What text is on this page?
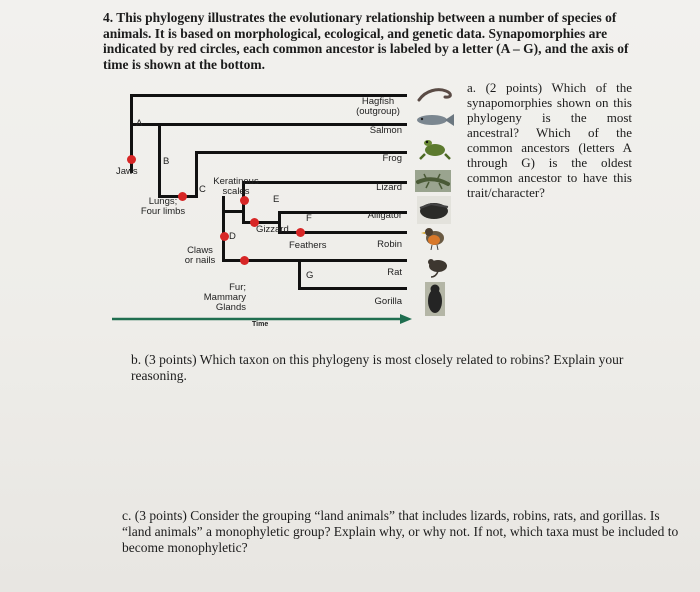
4. This phylogeny illustrates the evolutionary relationship between a number of species of animals. It is based on morphological, ecological, and genetic data. Synapomorphies are indicated by red circles, each common ancestor is labeled by a letter (A – G), and the axis of time is shown at the bottom.
A
B
C
D
E
F
G
Jaws
Lungs;
Four limbs
Keratinous
scales
Gizzard
Feathers
Claws
or nails
Fur;
Mammary
Glands
Hagfish
(outgroup)
Salmon
Frog
Lizard
Alligator
Robin
Rat
Gorilla
Time
a. (2 points) Which of the synapomorphies shown on this phylogeny is the most ancestral? Which of the common ancestors (letters A through G) is the oldest common ancestor to have this trait/character?
b. (3 points) Which taxon on this phylogeny is most closely related to robins? Explain your reasoning.
c. (3 points) Consider the grouping “land animals” that includes lizards, robins, rats, and gorillas. Is “land animals” a monophyletic group? Explain why, or why not. If not, which taxa must be included to become monophyletic?
